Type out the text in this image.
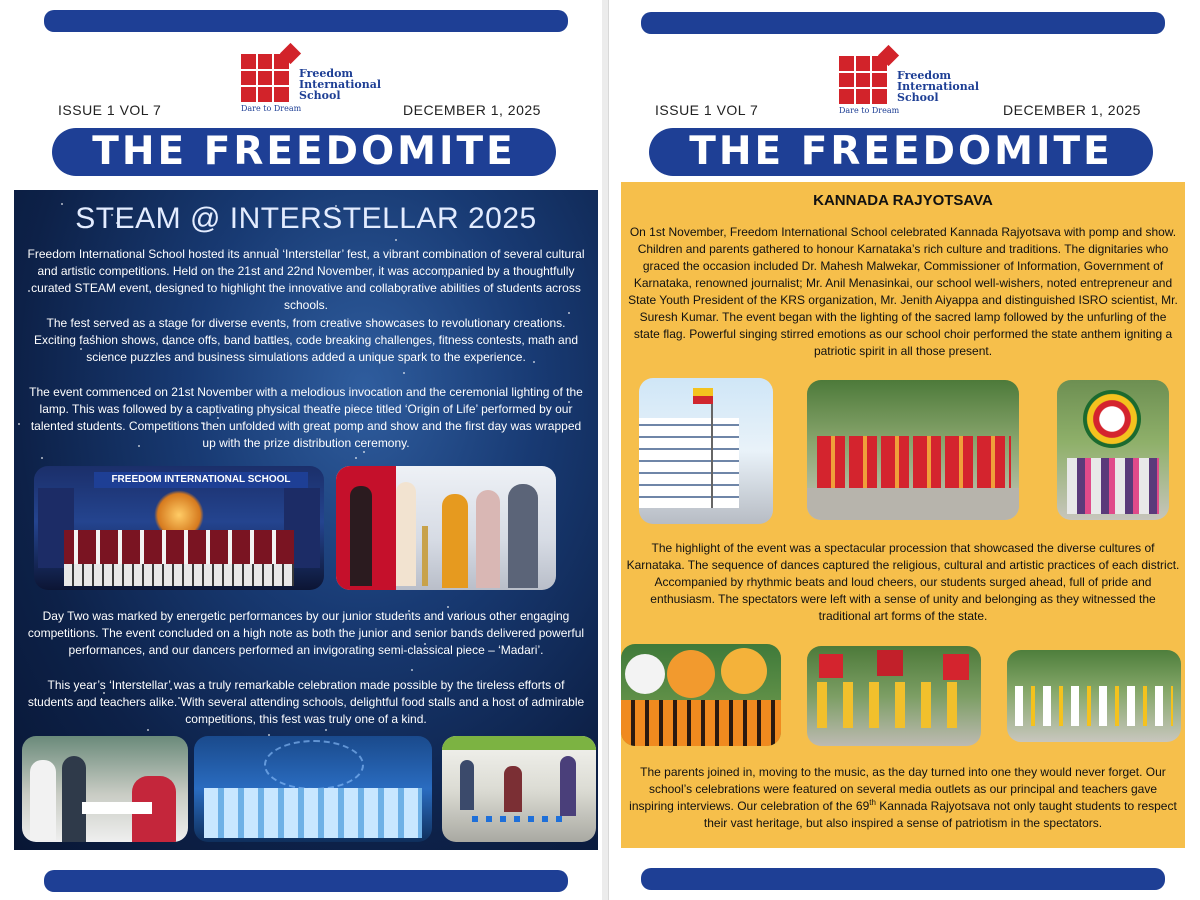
Freedom
International
School
Dare to Dream
ISSUE 1 VOL 7	DECEMBER 1, 2025
THE FREEDOMITE
STEAM @ INTERSTELLAR 2025
Freedom International School hosted its annual ‘Interstellar’ fest, a vibrant combination of several cultural and artistic competitions. Held on the 21st and 22nd November, it was accompanied by a thoughtfully curated STEAM event, designed to highlight the innovative and collaborative abilities of students across schools.
The fest served as a stage for diverse events, from creative showcases to revolutionary creations. Exciting fashion shows, dance offs, band battles, code breaking challenges, fitness contests, math and science puzzles and business simulations added a unique spark to the experience.
The event commenced on 21st November with a melodious invocation and the ceremonial lighting of the lamp. This was followed by a captivating physical theatre piece titled ‘Origin of Life’ performed by our talented students. Competitions then unfolded with great pomp and show and the first day was wrapped up with the prize distribution ceremony.
FREEDOM INTERNATIONAL SCHOOL
Day Two was marked by energetic performances by our junior students and various other engaging competitions. The event concluded on a high note as both the junior and senior bands delivered powerful performances, and our dancers performed an invigorating semi-classical piece – ‘Madari’.
This year’s ‘Interstellar’ was a truly remarkable celebration made possible by the tireless efforts of students and teachers alike. With several attending schools, delightful food stalls and a host of admirable competitions, this fest was truly one of a kind.
Freedom
International
School
Dare to Dream
ISSUE 1 VOL 7	DECEMBER 1, 2025
THE FREEDOMITE
KANNADA RAJYOTSAVA
On 1st November, Freedom International School celebrated Kannada Rajyotsava with pomp and show. Children and parents gathered to honour Karnataka’s rich culture and traditions. The dignitaries who graced the occasion included Dr. Mahesh Malwekar, Commissioner of Information, Government of Karnataka, renowned journalist; Mr. Anil Menasinkai, our school well-wishers, noted entrepreneur and State Youth President of the KRS organization, Mr. Jenith Aiyappa and distinguished ISRO scientist, Mr. Suresh Kumar. The event began with the lighting of the sacred lamp followed by the unfurling of the state flag. Powerful singing stirred emotions as our school choir performed the state anthem igniting a patriotic spirit in all those present.
The highlight of the event was a spectacular procession that showcased the diverse cultures of Karnataka. The sequence of dances captured the religious, cultural and artistic practices of each district. Accompanied by rhythmic beats and loud cheers, our students surged ahead, full of pride and enthusiasm. The spectators were left with a sense of unity and belonging as they witnessed the traditional art forms of the state.
The parents joined in, moving to the music, as the day turned into one they would never forget. Our school’s celebrations were featured on several media outlets as our principal and teachers gave inspiring interviews. Our celebration of the 69th Kannada Rajyotsava not only taught students to respect their vast heritage, but also inspired a sense of patriotism in the spectators.
